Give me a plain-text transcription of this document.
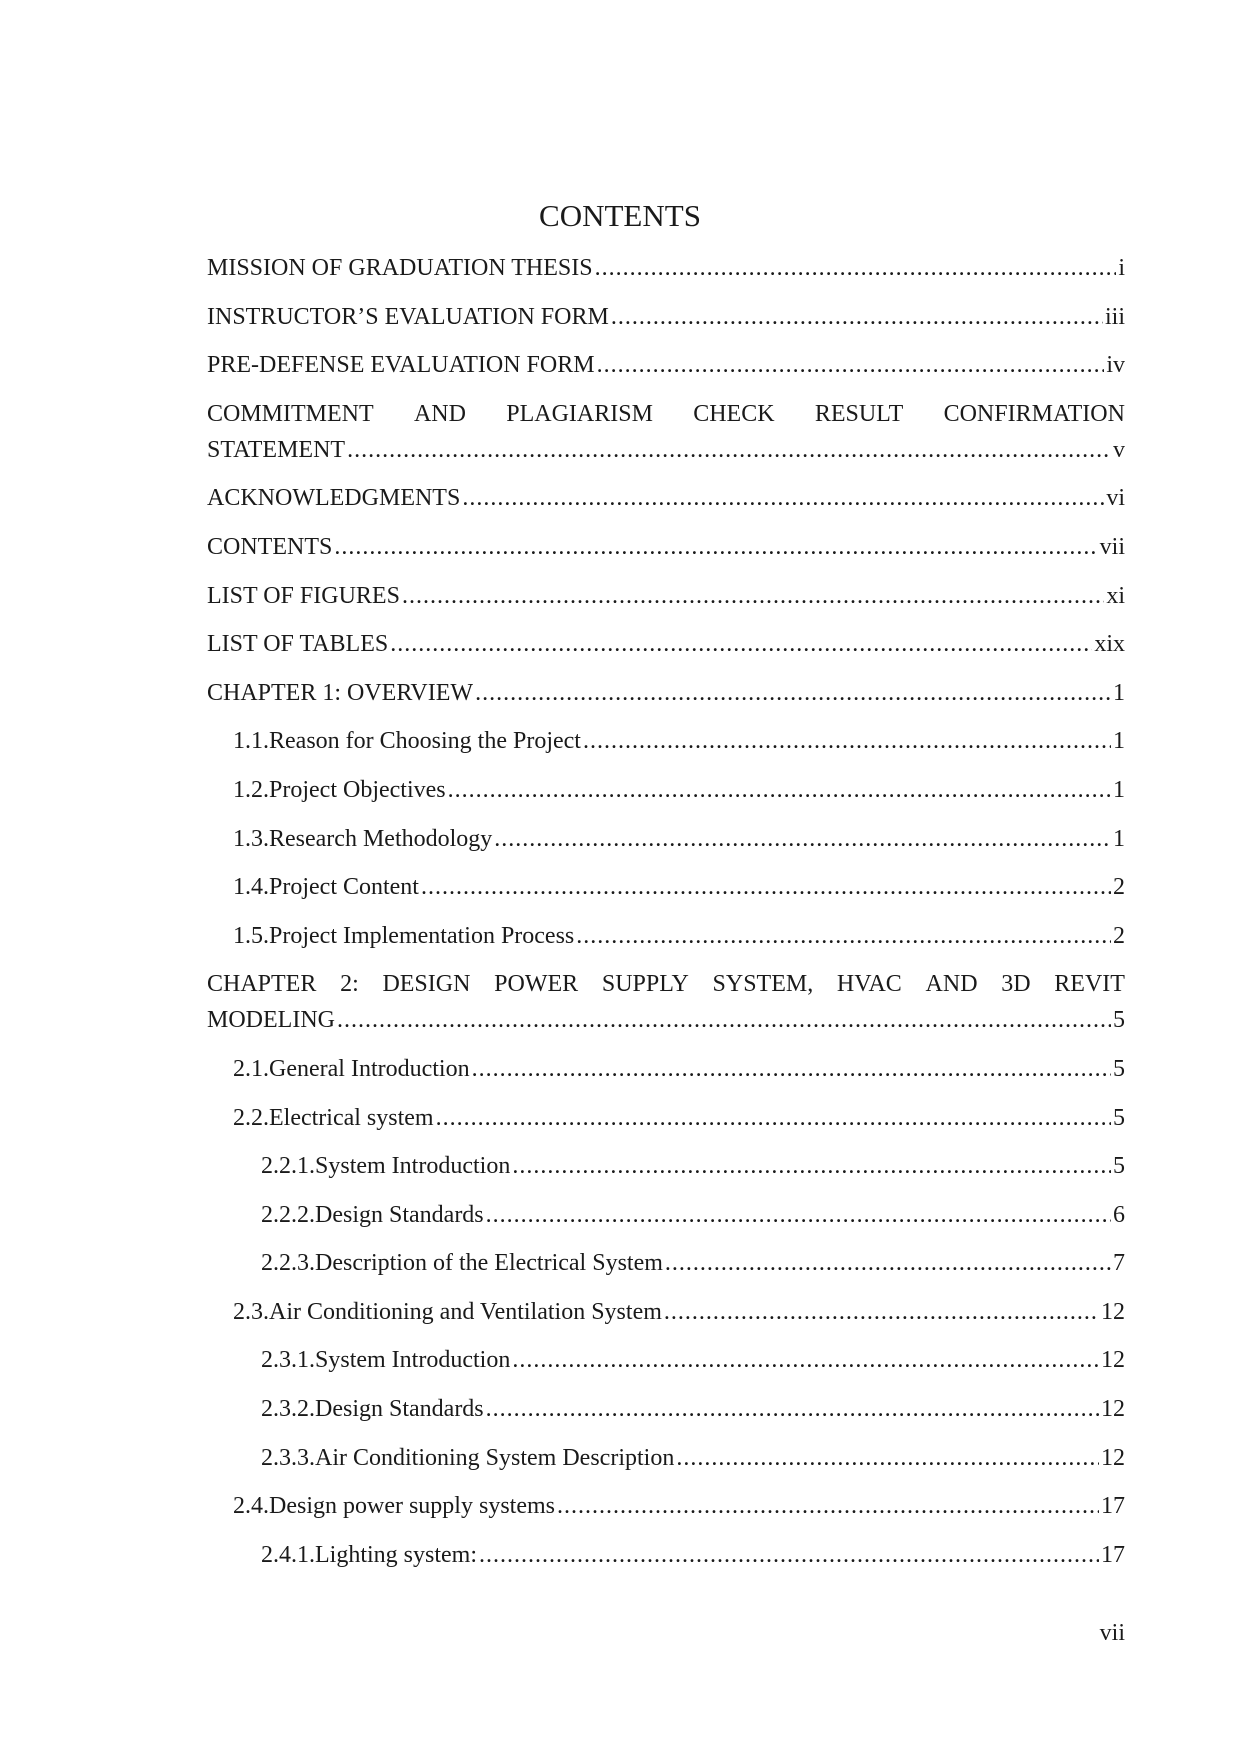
CONTENTS
MISSION OF GRADUATION THESIS .....	i
INSTRUCTOR’S EVALUATION FORM .....	iii
PRE-DEFENSE EVALUATION FORM .....	iv
COMMITMENT AND PLAGIARISM CHECK RESULT CONFIRMATION
STATEMENT .....	v
ACKNOWLEDGMENTS .....	vi
CONTENTS .....	vii
LIST OF FIGURES .....	xi
LIST OF TABLES .....	xix
CHAPTER 1: OVERVIEW .....	1
1.1. Reason for Choosing the Project .....	1
1.2. Project Objectives .....	1
1.3. Research Methodology .....	1
1.4. Project Content .....	2
1.5. Project Implementation Process .....	2
CHAPTER 2: DESIGN POWER SUPPLY SYSTEM, HVAC AND 3D REVIT
MODELING .....	5
2.1. General Introduction .....	5
2.2. Electrical system .....	5
2.2.1. System Introduction .....	5
2.2.2. Design Standards .....	6
2.2.3. Description of the Electrical System .....	7
2.3. Air Conditioning and Ventilation System .....	12
2.3.1. System Introduction .....	12
2.3.2. Design Standards .....	12
2.3.3. Air Conditioning System Description .....	12
2.4. Design power supply systems .....	17
2.4.1. Lighting system: .....	17
vii
